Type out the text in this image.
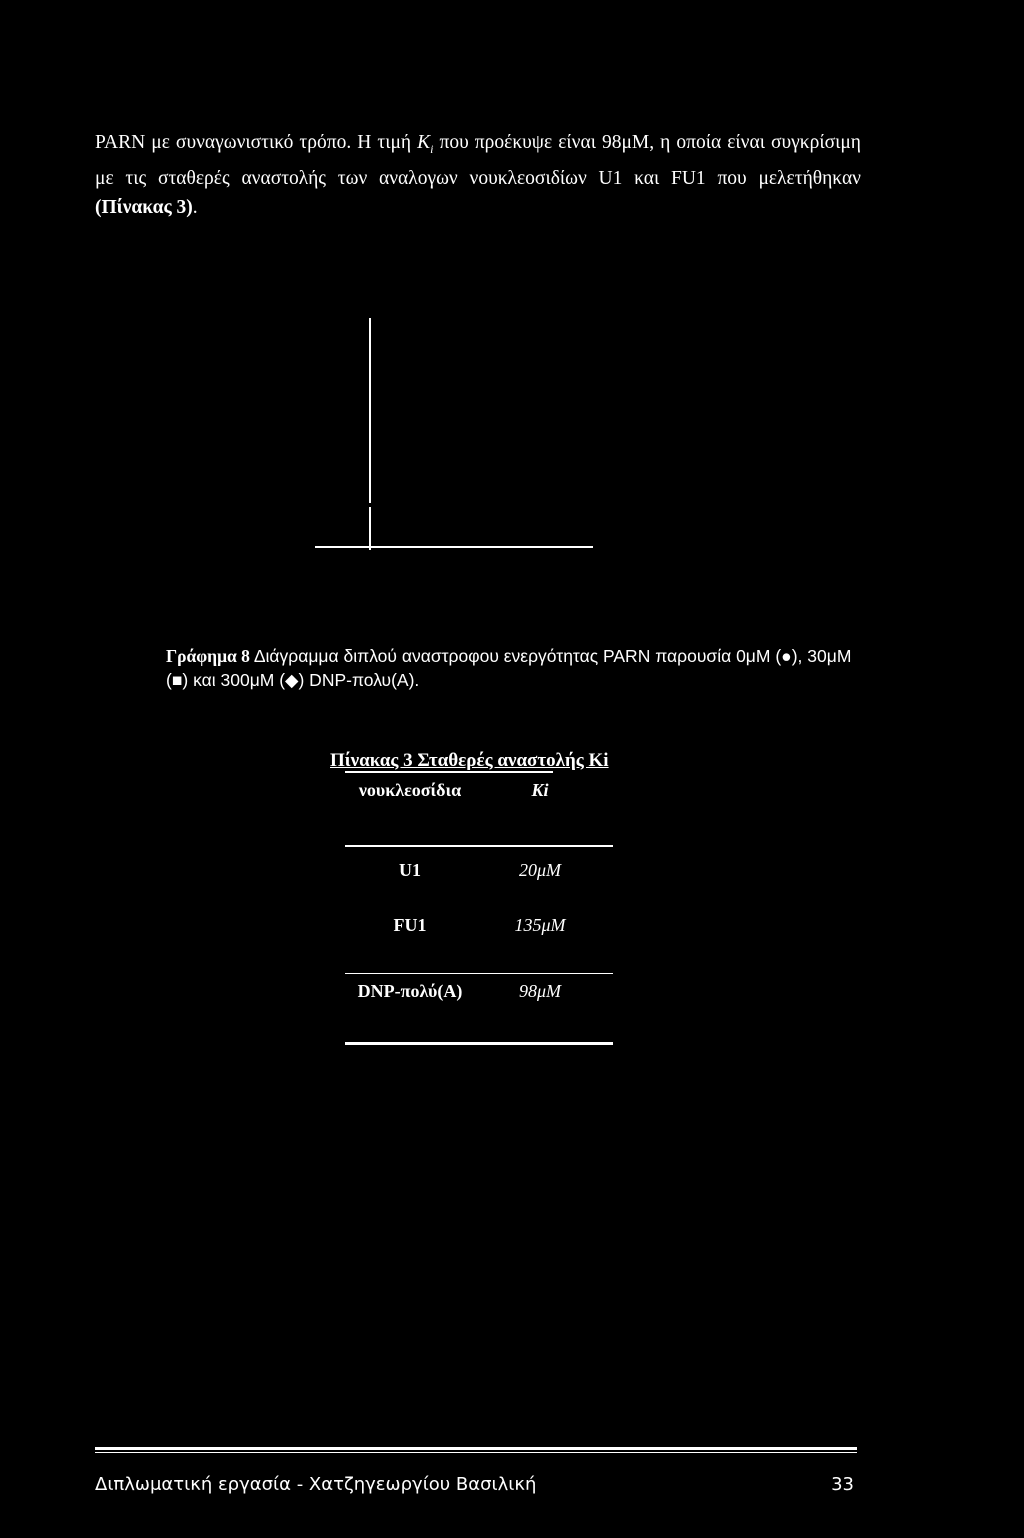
PARN με συναγωνιστικό τρόπο. Η τιμή $K_i$ που προέκυψε είναι 98μΜ, η οποία είναι συγκρίσιμη με τις σταθερές αναστολής των αναλογων νουκλεοσιδίων U1 και FU1 που μελετήθηκαν (Πίνακας 3).

Γράφημα 8 Διάγραμμα διπλού αναστροφου ενεργότητας PARN παρουσία 0μΜ (●), 30μΜ (■) και 300μΜ (◆) DNP-πολυ(Α).

Πίνακας 3 Σταθερές αναστολής Ki
νουκλεοσίδια	Ki
U1	20μΜ
FU1	135μΜ
DNP-πολύ(Α)	98μΜ
Διπλωματική εργασία - Χατζηγεωργίου Βασιλική	33
